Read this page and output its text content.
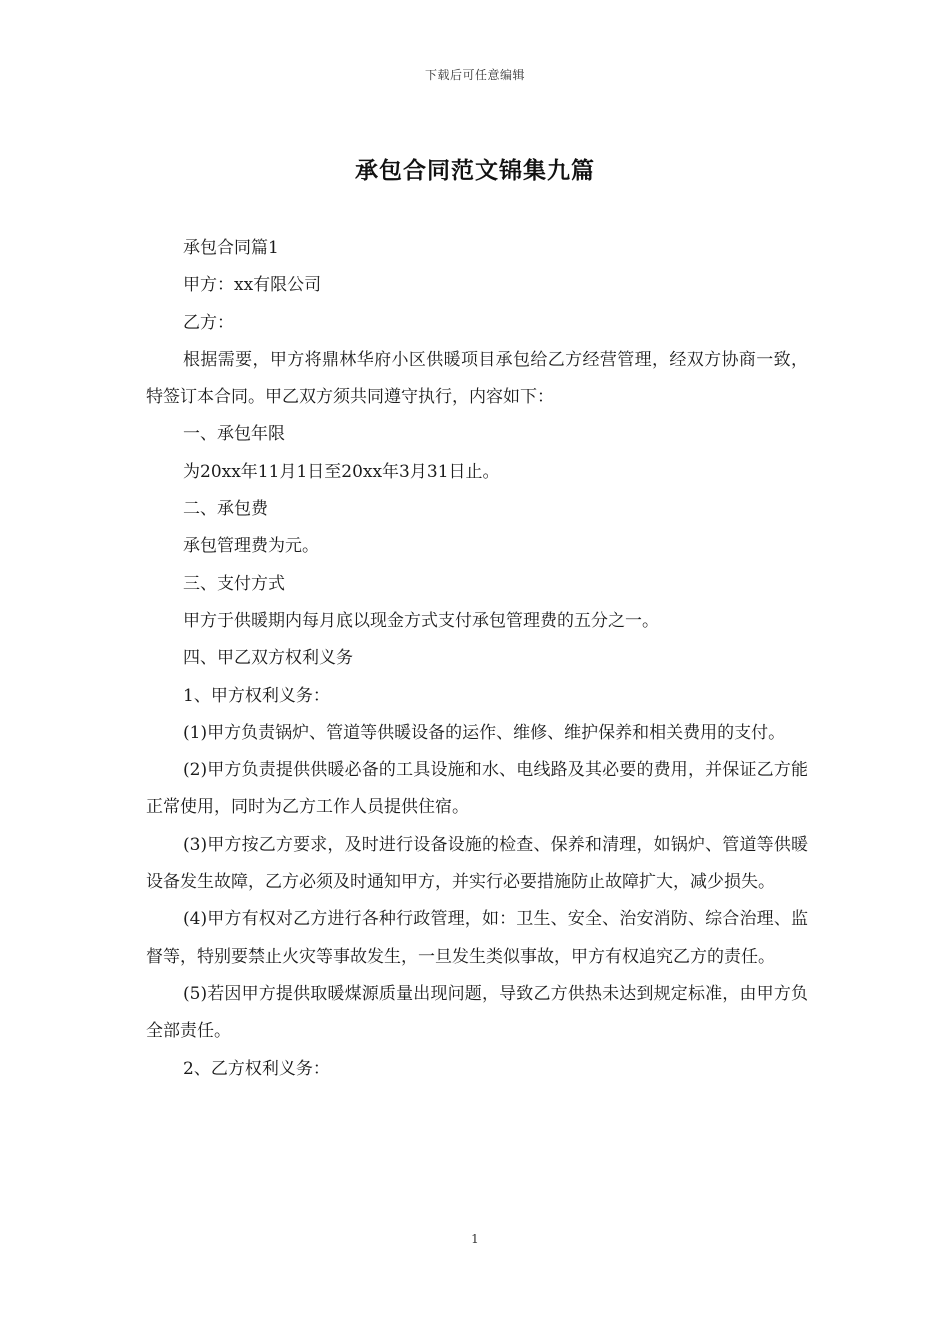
下载后可任意编辑
承包合同范文锦集九篇

承包合同篇1

甲方：xx有限公司

乙方：

根据需要，甲方将鼎林华府小区供暖项目承包给乙方经营管理，经双方协商一致，特签订本合同。甲乙双方须共同遵守执行，内容如下：

一、承包年限

为20xx年11月1日至20xx年3月31日止。

二、承包费

承包管理费为元。

三、支付方式

甲方于供暖期内每月底以现金方式支付承包管理费的五分之一。

四、甲乙双方权利义务

1、甲方权利义务：

(1)甲方负责锅炉、管道等供暖设备的运作、维修、维护保养和相关费用的支付。

(2)甲方负责提供供暖必备的工具设施和水、电线路及其必要的费用，并保证乙方能正常使用，同时为乙方工作人员提供住宿。

(3)甲方按乙方要求，及时进行设备设施的检查、保养和清理，如锅炉、管道等供暖设备发生故障，乙方必须及时通知甲方，并实行必要措施防止故障扩大，减少损失。

(4)甲方有权对乙方进行各种行政管理，如：卫生、安全、治安消防、综合治理、监督等，特别要禁止火灾等事故发生，一旦发生类似事故，甲方有权追究乙方的责任。

(5)若因甲方提供取暖煤源质量出现问题，导致乙方供热未达到规定标准，由甲方负全部责任。

2、乙方权利义务：

1
